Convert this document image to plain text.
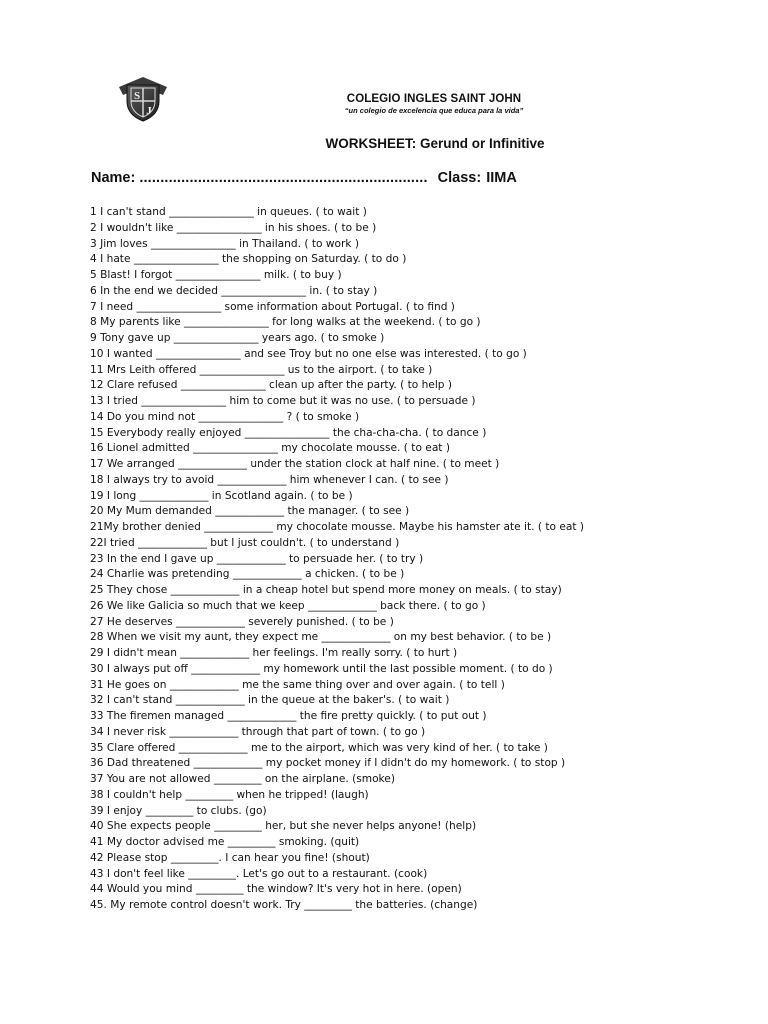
S
J
COLEGIO INGLES SAINT JOHN
“un colegio de excelencia que educa para la vida”
WORKSHEET: Gerund or Infinitive
Name: ..................................................................... Class: IIMA
1 I can't stand ________________ in queues. ( to wait )
2 I wouldn't like ________________ in his shoes. ( to be )
3 Jim loves ________________ in Thailand. ( to work )
4 I hate ________________ the shopping on Saturday. ( to do )
5 Blast! I forgot ________________ milk. ( to buy )
6 In the end we decided ________________ in. ( to stay )
7 I need ________________ some information about Portugal. ( to find )
8 My parents like ________________ for long walks at the weekend. ( to go )
9 Tony gave up ________________ years ago. ( to smoke )
10 I wanted ________________ and see Troy but no one else was interested. ( to go )
11 Mrs Leith offered ________________ us to the airport. ( to take )
12 Clare refused ________________ clean up after the party. ( to help )
13 I tried ________________ him to come but it was no use. ( to persuade )
14 Do you mind not ________________ ? ( to smoke )
15 Everybody really enjoyed ________________ the cha-cha-cha. ( to dance )
16 Lionel admitted ________________ my chocolate mousse. ( to eat )
17 We arranged _____________ under the station clock at half nine. ( to meet )
18 I always try to avoid _____________ him whenever I can. ( to see )
19 I long _____________ in Scotland again. ( to be )
20 My Mum demanded _____________ the manager. ( to see )
21My brother denied _____________ my chocolate mousse. Maybe his hamster ate it. ( to eat )
22I tried _____________ but I just couldn't. ( to understand )
23 In the end I gave up _____________ to persuade her. ( to try )
24 Charlie was pretending _____________ a chicken. ( to be )
25 They chose _____________ in a cheap hotel but spend more money on meals. ( to stay)
26 We like Galicia so much that we keep _____________ back there. ( to go )
27 He deserves _____________ severely punished. ( to be )
28 When we visit my aunt, they expect me _____________ on my best behavior. ( to be )
29 I didn't mean _____________ her feelings. I'm really sorry. ( to hurt )
30 I always put off _____________ my homework until the last possible moment. ( to do )
31 He goes on _____________ me the same thing over and over again. ( to tell )
32 I can't stand _____________ in the queue at the baker's. ( to wait )
33 The firemen managed _____________ the fire pretty quickly. ( to put out )
34 I never risk _____________ through that part of town. ( to go )
35 Clare offered _____________ me to the airport, which was very kind of her. ( to take )
36 Dad threatened _____________ my pocket money if I didn't do my homework. ( to stop )
37 You are not allowed _________ on the airplane. (smoke)
38 I couldn't help _________ when he tripped! (laugh)
39 I enjoy _________ to clubs. (go)
40 She expects people _________ her, but she never helps anyone! (help)
41 My doctor advised me _________ smoking. (quit)
42 Please stop _________. I can hear you fine! (shout)
43 I don't feel like _________. Let's go out to a restaurant. (cook)
44 Would you mind _________ the window? It's very hot in here. (open)
45. My remote control doesn't work. Try _________ the batteries. (change)
